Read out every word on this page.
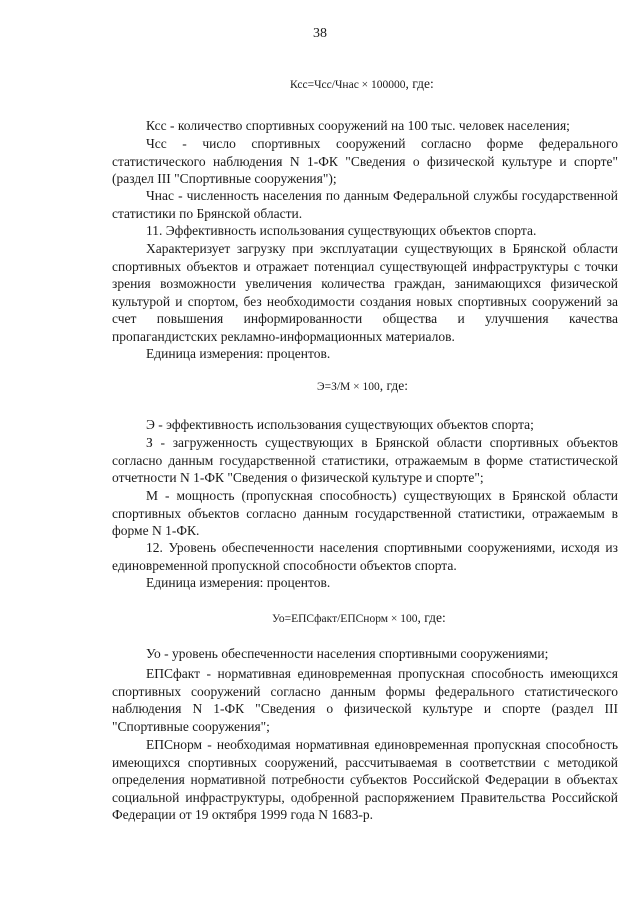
38
Ксс=Чсс/Чнас × 100000, где:

Ксс - количество спортивных сооружений на 100 тыс. человек населения;

Чсс - число спортивных сооружений согласно форме федерального статистического наблюдения N 1-ФК "Сведения о физической культуре и спорте" (раздел III "Спортивные сооружения");

Чнас - численность населения по данным Федеральной службы государственной статистики по Брянской области.

11. Эффективность использования существующих объектов спорта.

Характеризует загрузку при эксплуатации существующих в Брянской области спортивных объектов и отражает потенциал существующей инфраструктуры с точки зрения возможности увеличения количества граждан, занимающихся физической культурой и спортом, без необходимости создания новых спортивных сооружений за счет повышения информированности общества и улучшения качества пропагандистских рекламно-информационных материалов.

Единица измерения: процентов.

Э=З/М × 100, где:

Э - эффективность использования существующих объектов спорта;

З - загруженность существующих в Брянской области спортивных объектов согласно данным государственной статистики, отражаемым в форме статистической отчетности N 1-ФК "Сведения о физической культуре и спорте";

М - мощность (пропускная способность) существующих в Брянской области спортивных объектов согласно данным государственной статистики, отражаемым в форме N 1-ФК.

12. Уровень обеспеченности населения спортивными сооружениями, исходя из единовременной пропускной способности объектов спорта.

Единица измерения: процентов.

Уо=ЕПСфакт/ЕПСнорм × 100, где:

Уо - уровень обеспеченности населения спортивными сооружениями;

ЕПСфакт - нормативная единовременная пропускная способность имеющихся спортивных сооружений согласно данным формы федерального статистического наблюдения N 1-ФК "Сведения о физической культуре и спорте (раздел III "Спортивные сооружения";

ЕПСнорм - необходимая нормативная единовременная пропускная способность имеющихся спортивных сооружений, рассчитываемая в соответствии с методикой определения нормативной потребности субъектов Российской Федерации в объектах социальной инфраструктуры, одобренной распоряжением Правительства Российской Федерации от 19 октября 1999 года N 1683-р.
